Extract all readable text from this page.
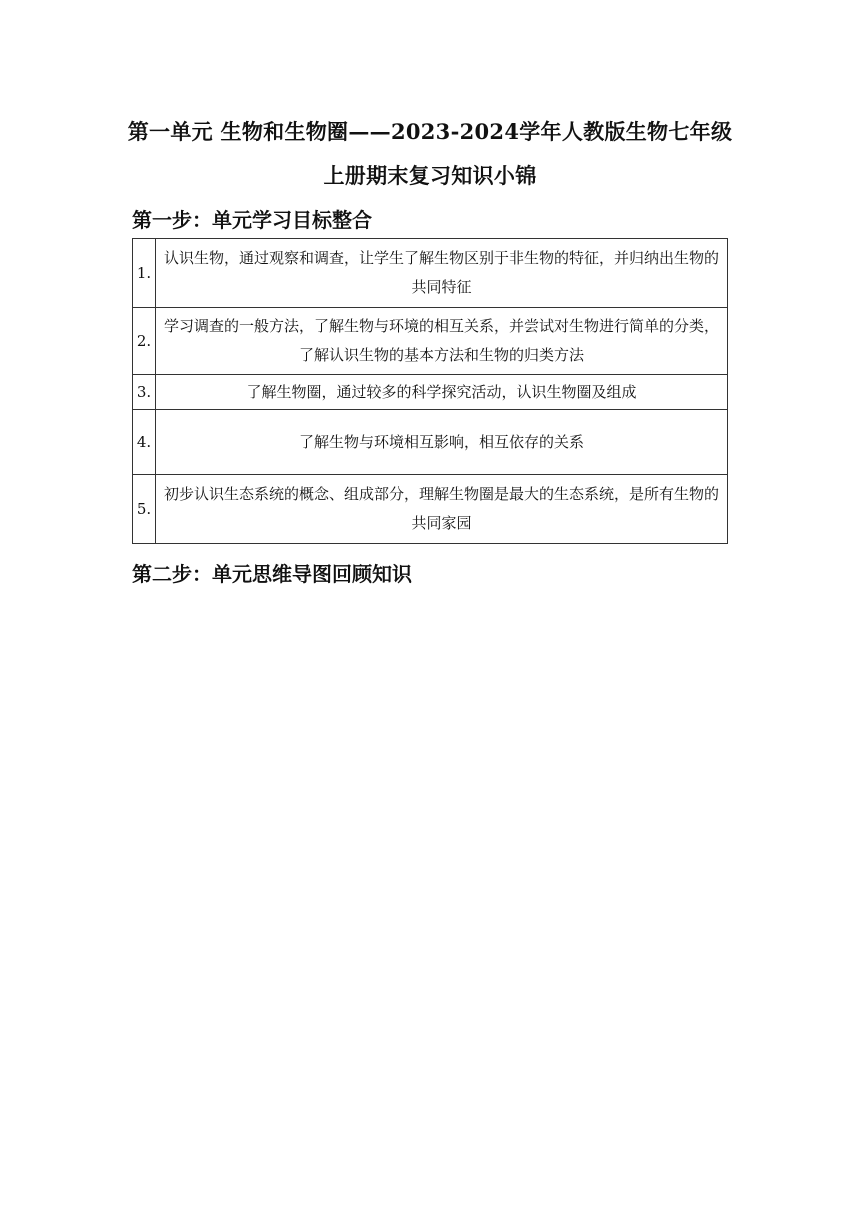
第一单元 生物和生物圈——2023-2024学年人教版生物七年级
上册期末复习知识小锦
第一步：单元学习目标整合
1.	认识生物，通过观察和调查，让学生了解生物区别于非生物的特征，并归纳出生物的共同特征
2.	学习调查的一般方法，了解生物与环境的相互关系，并尝试对生物进行简单的分类，了解认识生物的基本方法和生物的归类方法
3.	了解生物圈，通过较多的科学探究活动，认识生物圈及组成
4.	了解生物与环境相互影响，相互依存的关系
5.	初步认识生态系统的概念、组成部分，理解生物圈是最大的生态系统，是所有生物的共同家园
第二步：单元思维导图回顾知识
